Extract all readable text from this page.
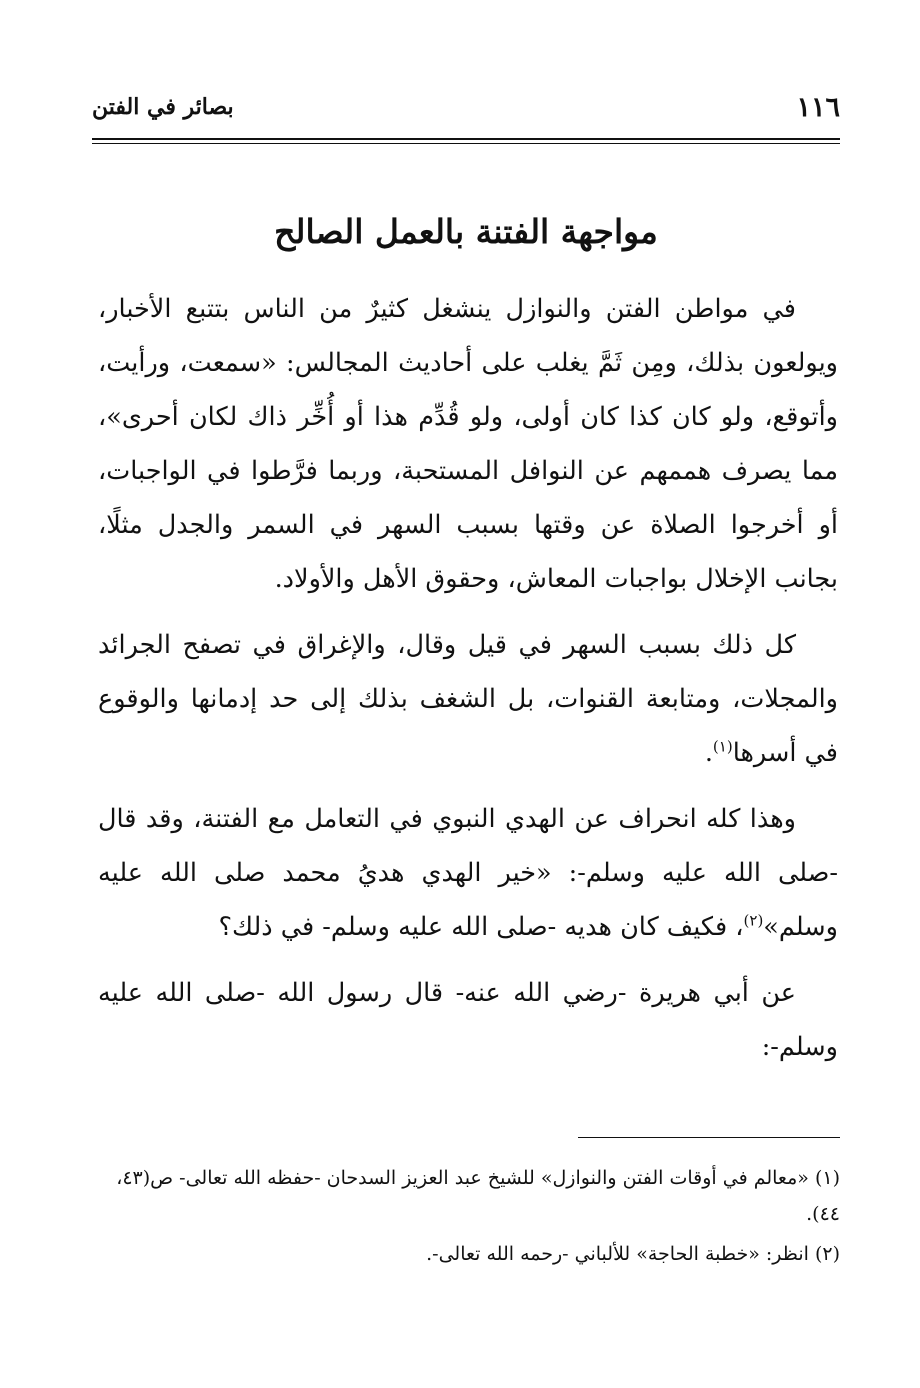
١١٦
بصائر في الفتن
مواجهة الفتنة بالعمل الصالح

في مواطن الفتن والنوازل ينشغل كثيرٌ من الناس بتتبع الأخبار، ويولعون بذلك، ومِن ثَمَّ يغلب على أحاديث المجالس: «سمعت، ورأيت، وأتوقع، ولو كان كذا كان أولى، ولو قُدِّم هذا أو أُخِّر ذاك لكان أحرى»، مما يصرف هممهم عن النوافل المستحبة، وربما فرَّطوا في الواجبات، أو أخرجوا الصلاة عن وقتها بسبب السهر في السمر والجدل مثلًا، بجانب الإخلال بواجبات المعاش، وحقوق الأهل والأولاد.

كل ذلك بسبب السهر في قيل وقال، والإغراق في تصفح الجرائد والمجلات، ومتابعة القنوات، بل الشغف بذلك إلى حد إدمانها والوقوع في أسرها$^{(١)}$.

وهذا كله انحراف عن الهدي النبوي في التعامل مع الفتنة، وقد قال -صلى الله عليه وسلم-: «خير الهدي هديُ محمد صلى الله عليه وسلم»$^{(٢)}$، فكيف كان هديه -صلى الله عليه وسلم- في ذلك؟

عن أبي هريرة -رضي الله عنه- قال رسول الله -صلى الله عليه وسلم-:

(١) «معالم في أوقات الفتن والنوازل» للشيخ عبد العزيز السدحان -حفظه الله تعالى- ص(٤٣، ٤٤).

(٢) انظر: «خطبة الحاجة» للألباني -رحمه الله تعالى-.
